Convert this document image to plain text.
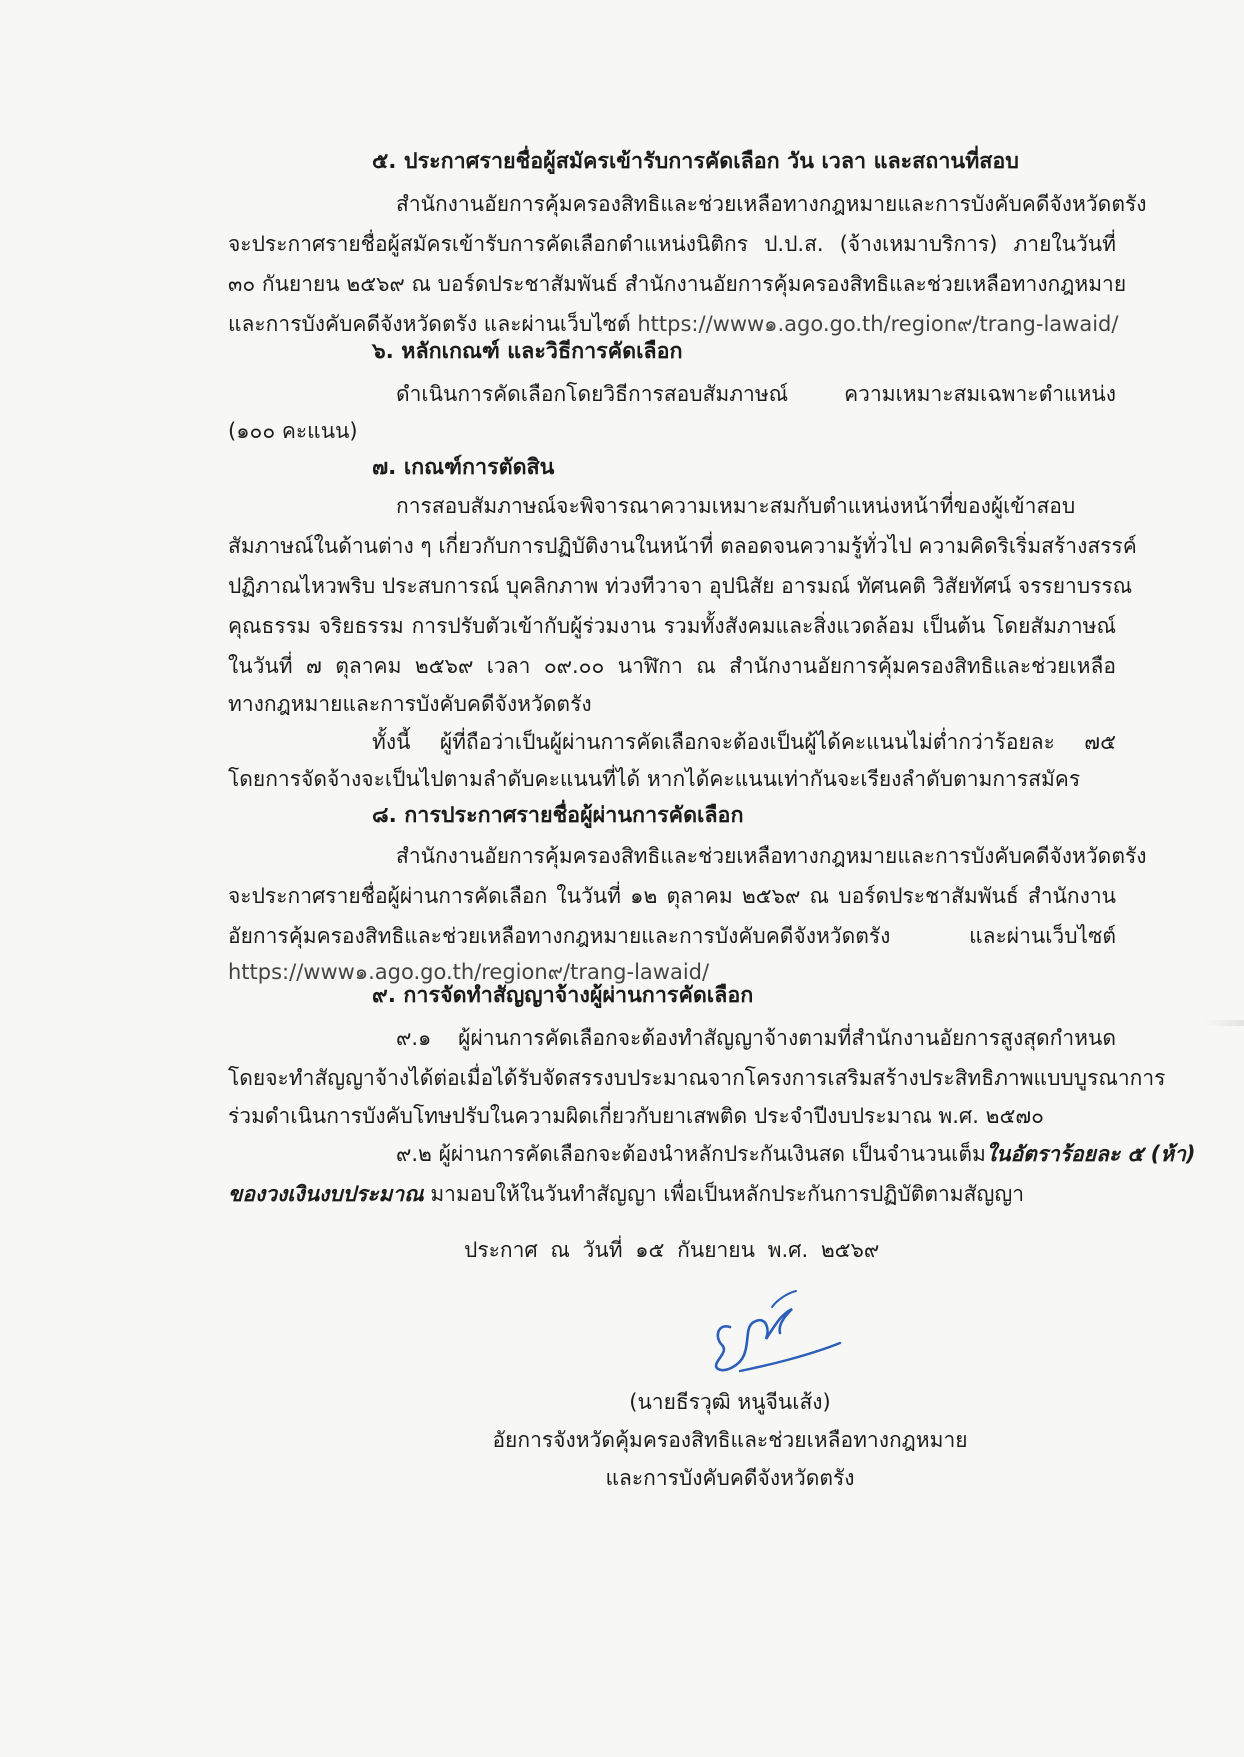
๕. ประกาศรายชื่อผู้สมัครเข้ารับการคัดเลือก วัน เวลา และสถานที่สอบ
สำนักงานอัยการคุ้มครองสิทธิและช่วยเหลือทางกฎหมายและการบังคับคดีจังหวัดตรัง
จะประกาศรายชื่อผู้สมัครเข้ารับการคัดเลือกตำแหน่งนิติกร ป.ป.ส. (จ้างเหมาบริการ) ภายในวันที่
๓๐ กันยายน ๒๕๖๙ ณ บอร์ดประชาสัมพันธ์ สำนักงานอัยการคุ้มครองสิทธิและช่วยเหลือทางกฎหมาย
และการบังคับคดีจังหวัดตรัง และผ่านเว็บไซต์ https://www๑.ago.go.th/region๙/trang-lawaid/
๖. หลักเกณฑ์ และวิธีการคัดเลือก
ดำเนินการคัดเลือกโดยวิธีการสอบสัมภาษณ์ ความเหมาะสมเฉพาะตำแหน่ง
(๑๐๐ คะแนน)
๗. เกณฑ์การตัดสิน
การสอบสัมภาษณ์จะพิจารณาความเหมาะสมกับตำแหน่งหน้าที่ของผู้เข้าสอบ
สัมภาษณ์ในด้านต่าง ๆ เกี่ยวกับการปฏิบัติงานในหน้าที่ ตลอดจนความรู้ทั่วไป ความคิดริเริ่มสร้างสรรค์
ปฏิภาณไหวพริบ ประสบการณ์ บุคลิกภาพ ท่วงทีวาจา อุปนิสัย อารมณ์ ทัศนคติ วิสัยทัศน์ จรรยาบรรณ
คุณธรรม จริยธรรม การปรับตัวเข้ากับผู้ร่วมงาน รวมทั้งสังคมและสิ่งแวดล้อม เป็นต้น โดยสัมภาษณ์
ในวันที่ ๗ ตุลาคม ๒๕๖๙ เวลา ๐๙.๐๐ นาฬิกา ณ สำนักงานอัยการคุ้มครองสิทธิและช่วยเหลือ
ทางกฎหมายและการบังคับคดีจังหวัดตรัง
ทั้งนี้ ผู้ที่ถือว่าเป็นผู้ผ่านการคัดเลือกจะต้องเป็นผู้ได้คะแนนไม่ต่ำกว่าร้อยละ ๗๕
โดยการจัดจ้างจะเป็นไปตามลำดับคะแนนที่ได้ หากได้คะแนนเท่ากันจะเรียงลำดับตามการสมัคร
๘. การประกาศรายชื่อผู้ผ่านการคัดเลือก
สำนักงานอัยการคุ้มครองสิทธิและช่วยเหลือทางกฎหมายและการบังคับคดีจังหวัดตรัง
จะประกาศรายชื่อผู้ผ่านการคัดเลือก ในวันที่ ๑๒ ตุลาคม ๒๕๖๙ ณ บอร์ดประชาสัมพันธ์ สำนักงาน
อัยการคุ้มครองสิทธิและช่วยเหลือทางกฎหมายและการบังคับคดีจังหวัดตรัง และผ่านเว็บไซต์
https://www๑.ago.go.th/region๙/trang-lawaid/
๙. การจัดทำสัญญาจ้างผู้ผ่านการคัดเลือก
๙.๑ ผู้ผ่านการคัดเลือกจะต้องทำสัญญาจ้างตามที่สำนักงานอัยการสูงสุดกำหนด
โดยจะทำสัญญาจ้างได้ต่อเมื่อได้รับจัดสรรงบประมาณจากโครงการเสริมสร้างประสิทธิภาพแบบบูรณาการ
ร่วมดำเนินการบังคับโทษปรับในความผิดเกี่ยวกับยาเสพติด ประจำปีงบประมาณ พ.ศ. ๒๕๗๐
๙.๒ ผู้ผ่านการคัดเลือกจะต้องนำหลักประกันเงินสด เป็นจำนวนเต็มในอัตราร้อยละ ๕ (ห้า)
ของวงเงินงบประมาณ มามอบให้ในวันทำสัญญา เพื่อเป็นหลักประกันการปฏิบัติตามสัญญา
ประกาศ ณ วันที่ ๑๕ กันยายน พ.ศ. ๒๕๖๙
(นายธีรวุฒิ หนูจีนเส้ง)
อัยการจังหวัดคุ้มครองสิทธิและช่วยเหลือทางกฎหมาย
และการบังคับคดีจังหวัดตรัง
